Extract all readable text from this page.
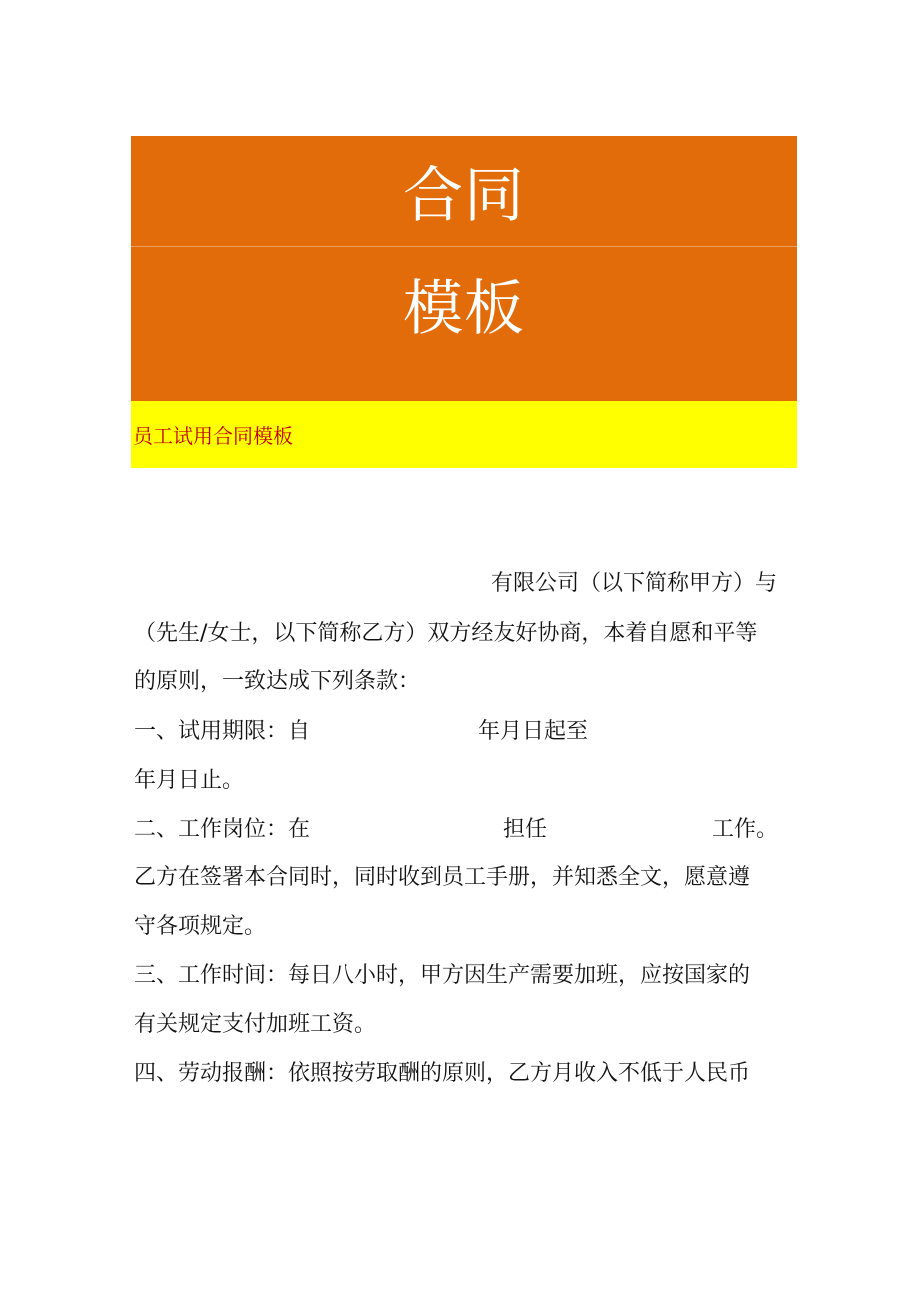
合同
模板
员工试用合同模板
有限公司（以下简称甲方）与
（先生/女士，以下简称乙方）双方经友好协商，本着自愿和平等
的原则，一致达成下列条款：
一、试用期限：自	年月日起至
年月日止。
二、工作岗位：在	担任	工作。
乙方在签署本合同时，同时收到员工手册，并知悉全文，愿意遵
守各项规定。
三、工作时间：每日八小时，甲方因生产需要加班，应按国家的
有关规定支付加班工资。
四、劳动报酬：依照按劳取酬的原则，乙方月收入不低于人民币
